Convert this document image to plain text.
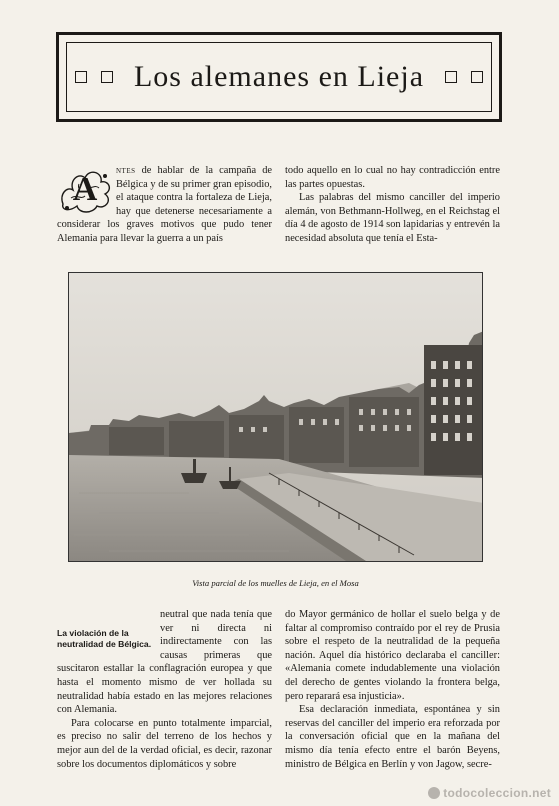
Los alemanes en Lieja

A
ntes de hablar de la campaña de Bélgica y de su primer gran episodio, el ataque contra la fortaleza de Lieja, hay que detenerse necesariamente a considerar los graves motivos que pudo tener Alemania para llevar la guerra a un país

todo aquello en lo cual no hay contradicción entre las partes opuestas.

Las palabras del mismo canciller del imperio alemán, von Bethmann-Hollweg, en el Reichstag el día 4 de agosto de 1914 son lapidarias y entrevén la necesidad absoluta que tenía el Esta-

Vista parcial de los muelles de Lieja, en el Mosa
La violación de la neutralidad de Bélgica.

neutral que nada tenía que ver ni directa ni indirectamente con las causas primeras que suscitaron estallar la conflagración europea y que hasta el momento mismo de ver hollada su neutralidad había estado en las mejores relaciones con Alemania.

Para colocarse en punto totalmente imparcial, es preciso no salir del terreno de los hechos y mejor aun del de la verdad oficial, es decir, razonar sobre los documentos diplomáticos y sobre

do Mayor germánico de hollar el suelo belga y de faltar al compromiso contraído por el rey de Prusia sobre el respeto de la neutralidad de la pequeña nación. Aquel día histórico declaraba el canciller: «Alemania comete indudablemente una violación del derecho de gentes violando la frontera belga, pero reparará esa injusticia».

Esa declaración inmediata, espontánea y sin reservas del canciller del imperio era reforzada por la conversación oficial que en la mañana del mismo día tenía efecto entre el barón Beyens, ministro de Bélgica en Berlín y von Jagow, secre-

todocoleccion.net
